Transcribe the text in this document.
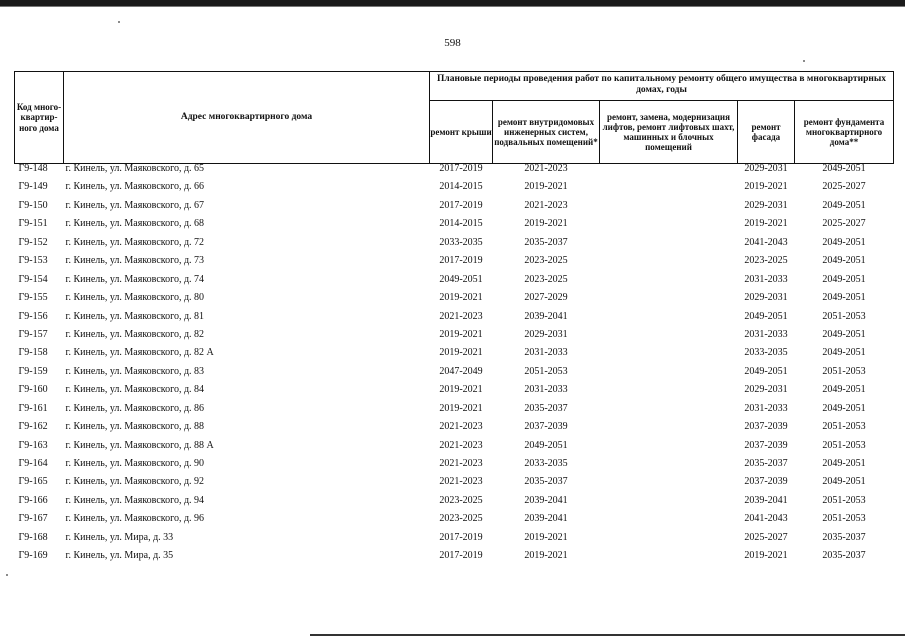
598
Код много-квартир-ного дома	Адрес многоквартирного дома	Плановые периоды проведения работ по капитальному ремонту общего имущества в многоквартирных домах, годы				
		ремонт крыши	ремонт внутридомовых инженерных систем, подвальных помещений*	ремонт, замена, модернизация лифтов, ремонт лифтовых шахт, машинных и блочных помещений	ремонт фасада	ремонт фундамента многоквартирного дома**
Г9-148	г. Кинель, ул. Маяковского, д. 65	2017-2019	2021-2023		2029-2031	2049-2051
Г9-149	г. Кинель, ул. Маяковского, д. 66	2014-2015	2019-2021		2019-2021	2025-2027
Г9-150	г. Кинель, ул. Маяковского, д. 67	2017-2019	2021-2023		2029-2031	2049-2051
Г9-151	г. Кинель, ул. Маяковского, д. 68	2014-2015	2019-2021		2019-2021	2025-2027
Г9-152	г. Кинель, ул. Маяковского, д. 72	2033-2035	2035-2037		2041-2043	2049-2051
Г9-153	г. Кинель, ул. Маяковского, д. 73	2017-2019	2023-2025		2023-2025	2049-2051
Г9-154	г. Кинель, ул. Маяковского, д. 74	2049-2051	2023-2025		2031-2033	2049-2051
Г9-155	г. Кинель, ул. Маяковского, д. 80	2019-2021	2027-2029		2029-2031	2049-2051
Г9-156	г. Кинель, ул. Маяковского, д. 81	2021-2023	2039-2041		2049-2051	2051-2053
Г9-157	г. Кинель, ул. Маяковского, д. 82	2019-2021	2029-2031		2031-2033	2049-2051
Г9-158	г. Кинель, ул. Маяковского, д. 82 А	2019-2021	2031-2033		2033-2035	2049-2051
Г9-159	г. Кинель, ул. Маяковского, д. 83	2047-2049	2051-2053		2049-2051	2051-2053
Г9-160	г. Кинель, ул. Маяковского, д. 84	2019-2021	2031-2033		2029-2031	2049-2051
Г9-161	г. Кинель, ул. Маяковского, д. 86	2019-2021	2035-2037		2031-2033	2049-2051
Г9-162	г. Кинель, ул. Маяковского, д. 88	2021-2023	2037-2039		2037-2039	2051-2053
Г9-163	г. Кинель, ул. Маяковского, д. 88 А	2021-2023	2049-2051		2037-2039	2051-2053
Г9-164	г. Кинель, ул. Маяковского, д. 90	2021-2023	2033-2035		2035-2037	2049-2051
Г9-165	г. Кинель, ул. Маяковского, д. 92	2021-2023	2035-2037		2037-2039	2049-2051
Г9-166	г. Кинель, ул. Маяковского, д. 94	2023-2025	2039-2041		2039-2041	2051-2053
Г9-167	г. Кинель, ул. Маяковского, д. 96	2023-2025	2039-2041		2041-2043	2051-2053
Г9-168	г. Кинель, ул. Мира, д. 33	2017-2019	2019-2021		2025-2027	2035-2037
Г9-169	г. Кинель, ул. Мира, д. 35	2017-2019	2019-2021		2019-2021	2035-2037
